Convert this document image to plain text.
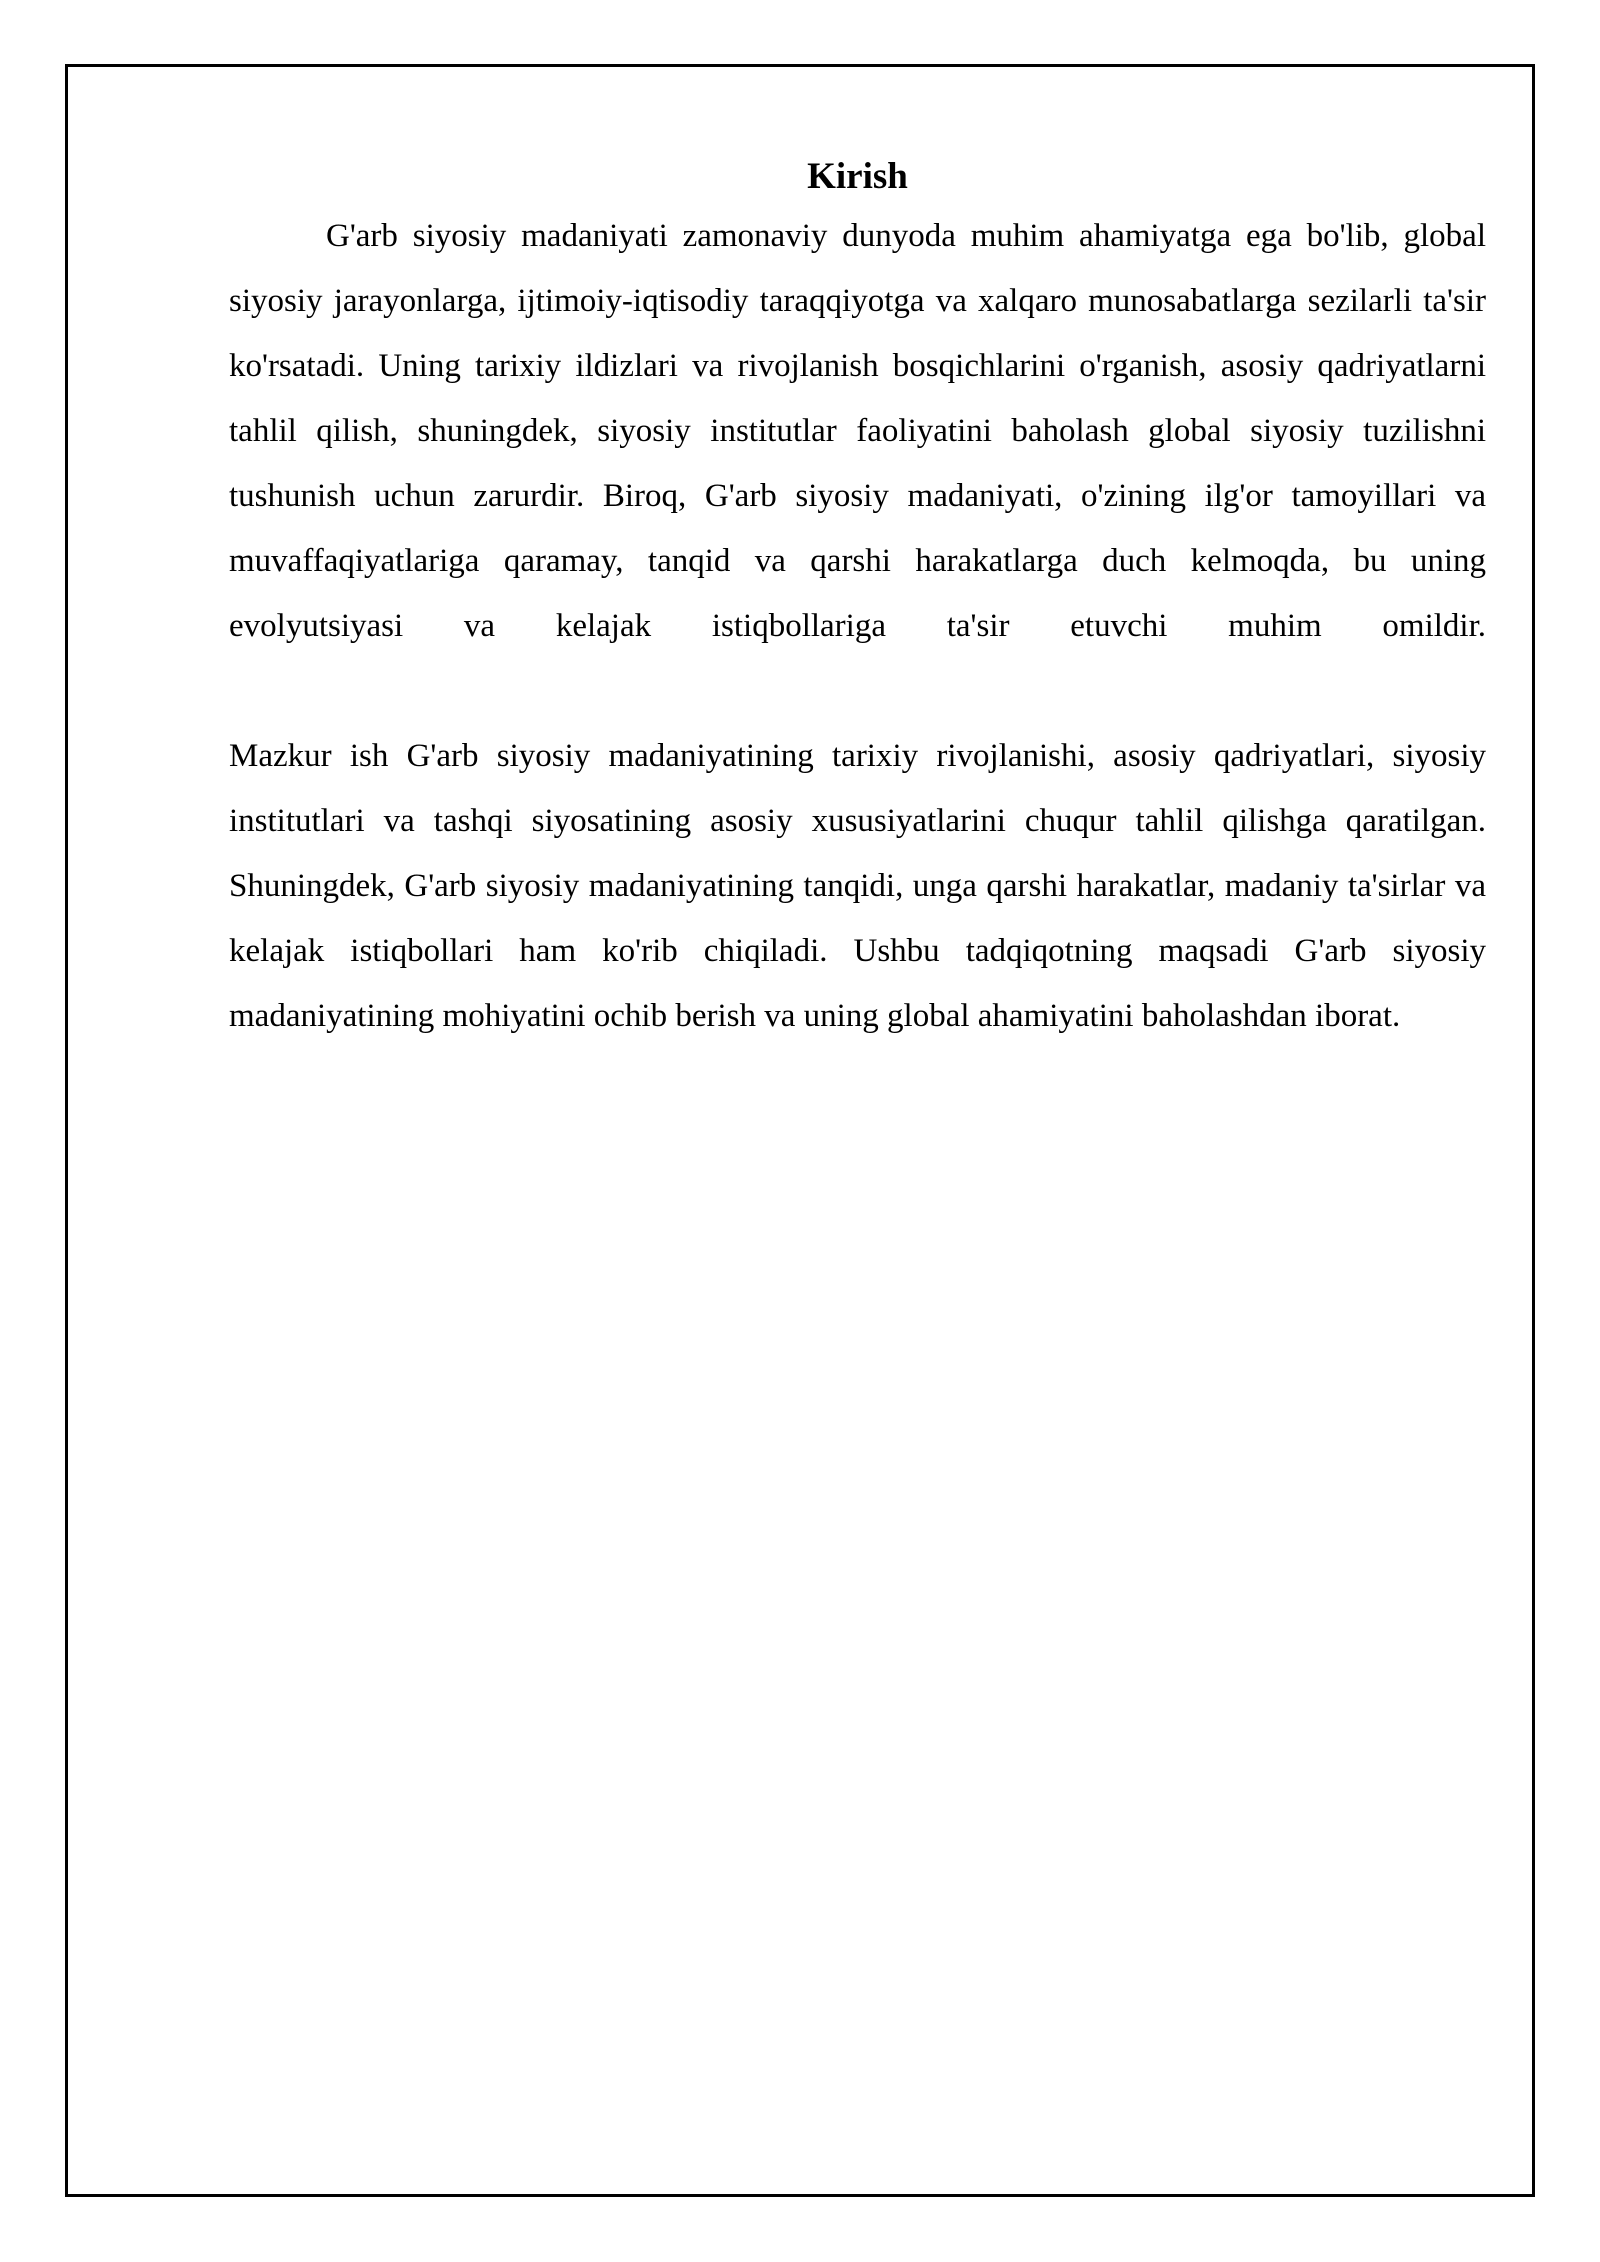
Kirish

G'arb siyosiy madaniyati zamonaviy dunyoda muhim ahamiyatga ega bo'lib, global siyosiy jarayonlarga, ijtimoiy-iqtisodiy taraqqiyotga va xalqaro munosabatlarga sezilarli ta'sir ko'rsatadi. Uning tarixiy ildizlari va rivojlanish bosqichlarini o'rganish, asosiy qadriyatlarni tahlil qilish, shuningdek, siyosiy institutlar faoliyatini baholash global siyosiy tuzilishni tushunish uchun zarurdir. Biroq, G'arb siyosiy madaniyati, o'zining ilg'or tamoyillari va muvaffaqiyatlariga qaramay, tanqid va qarshi harakatlarga duch kelmoqda, bu uning evolyutsiyasi va kelajak istiqbollariga ta'sir etuvchi muhim omildir.

Mazkur ish G'arb siyosiy madaniyatining tarixiy rivojlanishi, asosiy qadriyatlari, siyosiy institutlari va tashqi siyosatining asosiy xususiyatlarini chuqur tahlil qilishga qaratilgan. Shuningdek, G'arb siyosiy madaniyatining tanqidi, unga qarshi harakatlar, madaniy ta'sirlar va kelajak istiqbollari ham ko'rib chiqiladi. Ushbu tadqiqotning maqsadi G'arb siyosiy madaniyatining mohiyatini ochib berish va uning global ahamiyatini baholashdan iborat.
